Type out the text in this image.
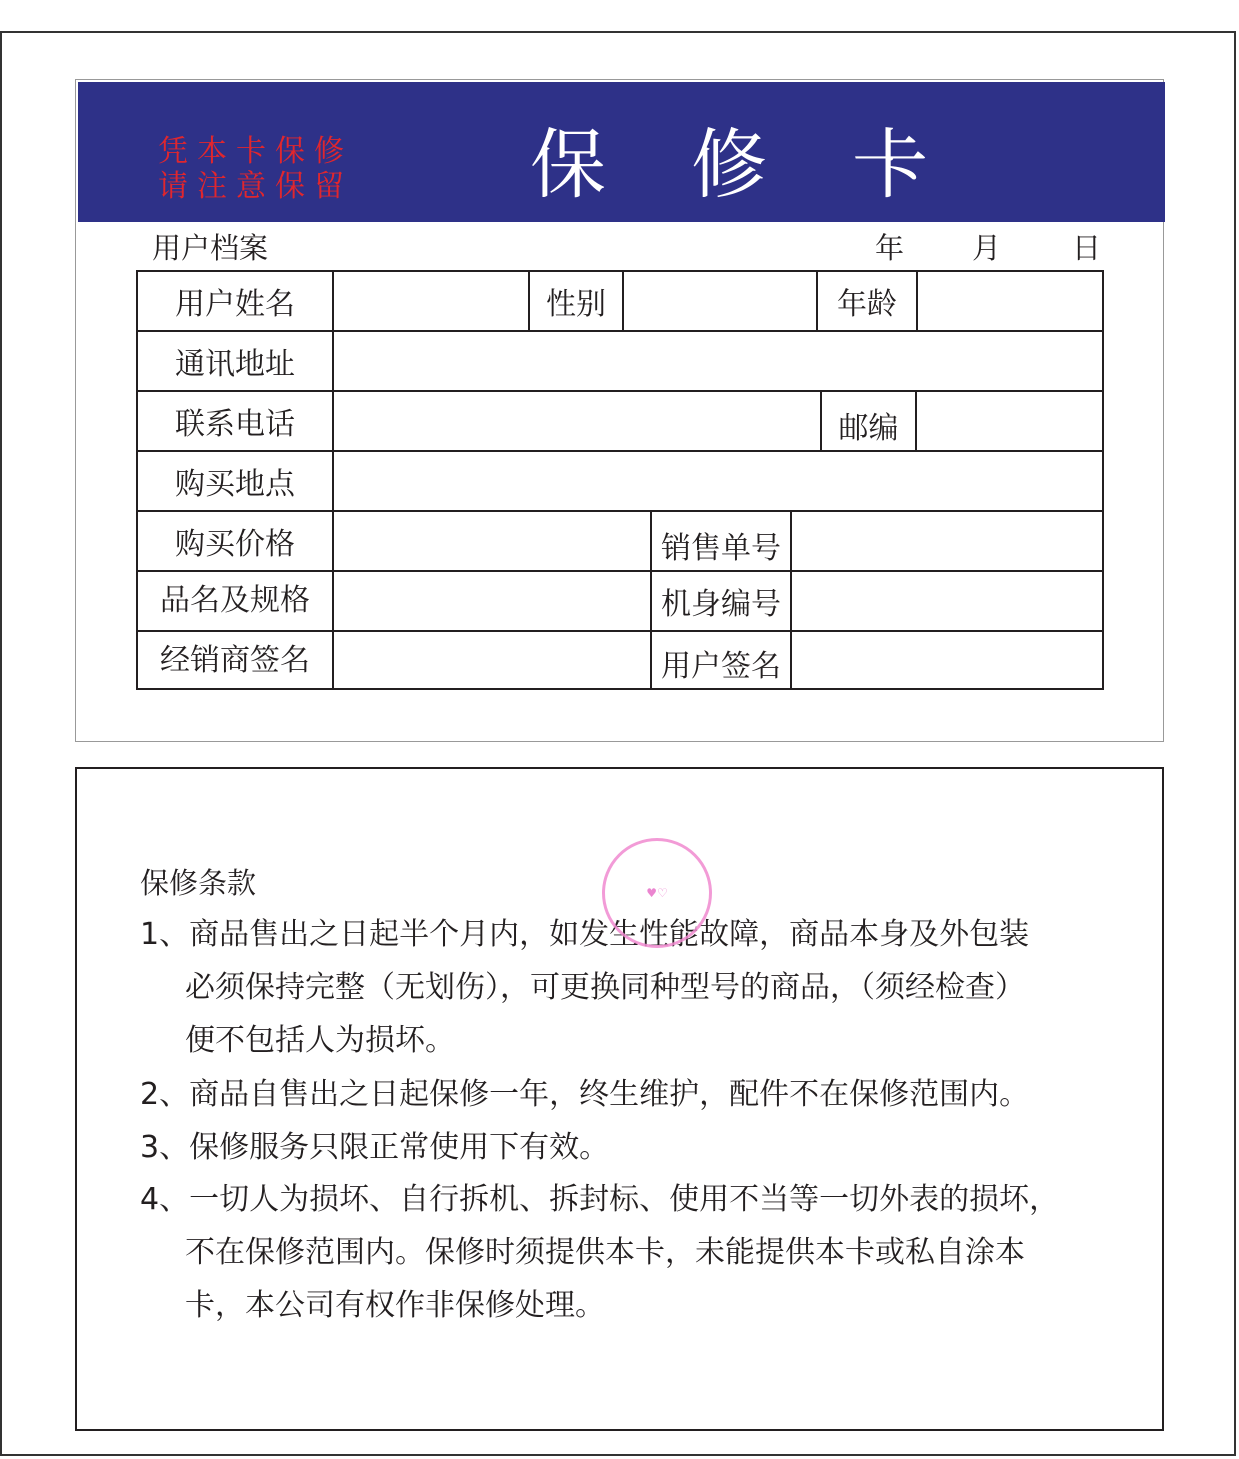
凭本卡保修
请注意保留 保 修 卡
用户档案	年 月 日
用户姓名	性别	年龄
通讯地址
联系电话	邮编
购买地点
购买价格	销售单号
品名及规格	机身编号
经销商签名	用户签名
保修条款
1、商品售出之日起半个月内，如发生性能故障，商品本身及外包装
必须保持完整（无划伤），可更换同种型号的商品，（须经检查）
便不包括人为损坏。
2、商品自售出之日起保修一年，终生维护，配件不在保修范围内。
3、保修服务只限正常使用下有效。
4、一切人为损坏、自行拆机、拆封标、使用不当等一切外表的损坏，
不在保修范围内。保修时须提供本卡，未能提供本卡或私自涂本
卡，本公司有权作非保修处理。
♥♡
